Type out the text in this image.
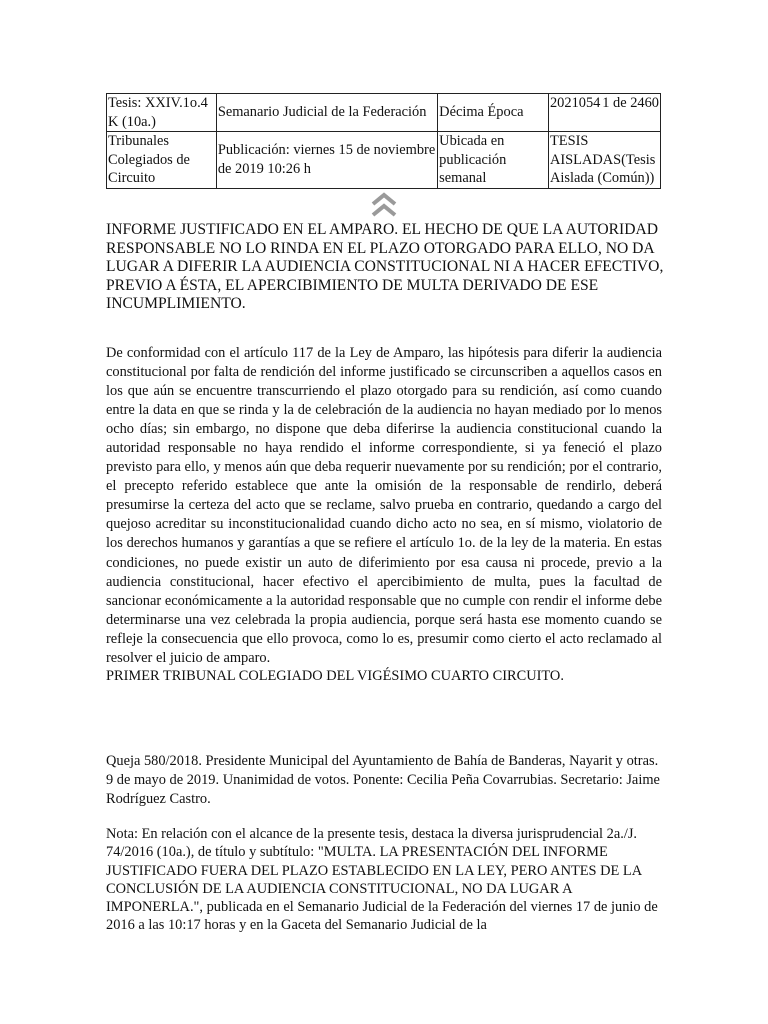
Tesis: XXIV.1o.4 K (10a.)	Semanario Judicial de la Federación	Décima Época	2021054 1 de 2460

Tribunales Colegiados de Circuito	Publicación: viernes 15 de noviembre de 2019 10:26 h	Ubicada en publicación semanal	TESIS AISLADAS(Tesis Aislada (Común))

INFORME JUSTIFICADO EN EL AMPARO. EL HECHO DE QUE LA AUTORIDAD RESPONSABLE NO LO RINDA EN EL PLAZO OTORGADO PARA ELLO, NO DA LUGAR A DIFERIR LA AUDIENCIA CONSTITUCIONAL NI A HACER EFECTIVO, PREVIO A ÉSTA, EL APERCIBIMIENTO DE MULTA DERIVADO DE ESE INCUMPLIMIENTO.

De conformidad con el artículo 117 de la Ley de Amparo, las hipótesis para diferir la audiencia constitucional por falta de rendición del informe justificado se circunscriben a aquellos casos en los que aún se encuentre transcurriendo el plazo otorgado para su rendición, así como cuando entre la data en que se rinda y la de celebración de la audiencia no hayan mediado por lo menos ocho días; sin embargo, no dispone que deba diferirse la audiencia constitucional cuando la autoridad responsable no haya rendido el informe correspondiente, si ya feneció el plazo previsto para ello, y menos aún que deba requerir nuevamente por su rendición; por el contrario, el precepto referido establece que ante la omisión de la responsable de rendirlo, deberá presumirse la certeza del acto que se reclame, salvo prueba en contrario, quedando a cargo del quejoso acreditar su inconstitucionalidad cuando dicho acto no sea, en sí mismo, violatorio de los derechos humanos y garantías a que se refiere el artículo 1o. de la ley de la materia. En estas condiciones, no puede existir un auto de diferimiento por esa causa ni procede, previo a la audiencia constitucional, hacer efectivo el apercibimiento de multa, pues la facultad de sancionar económicamente a la autoridad responsable que no cumple con rendir el informe debe determinarse una vez celebrada la propia audiencia, porque será hasta ese momento cuando se refleje la consecuencia que ello provoca, como lo es, presumir como cierto el acto reclamado al resolver el juicio de amparo.

PRIMER TRIBUNAL COLEGIADO DEL VIGÉSIMO CUARTO CIRCUITO.

Queja 580/2018. Presidente Municipal del Ayuntamiento de Bahía de Banderas, Nayarit y otras. 9 de mayo de 2019. Unanimidad de votos. Ponente: Cecilia Peña Covarrubias. Secretario: Jaime Rodríguez Castro.

Nota: En relación con el alcance de la presente tesis, destaca la diversa jurisprudencial 2a./J. 74/2016 (10a.), de título y subtítulo: "MULTA. LA PRESENTACIÓN DEL INFORME JUSTIFICADO FUERA DEL PLAZO ESTABLECIDO EN LA LEY, PERO ANTES DE LA CONCLUSIÓN DE LA AUDIENCIA CONSTITUCIONAL, NO DA LUGAR A IMPONERLA.", publicada en el Semanario Judicial de la Federación del viernes 17 de junio de 2016 a las 10:17 horas y en la Gaceta del Semanario Judicial de la
